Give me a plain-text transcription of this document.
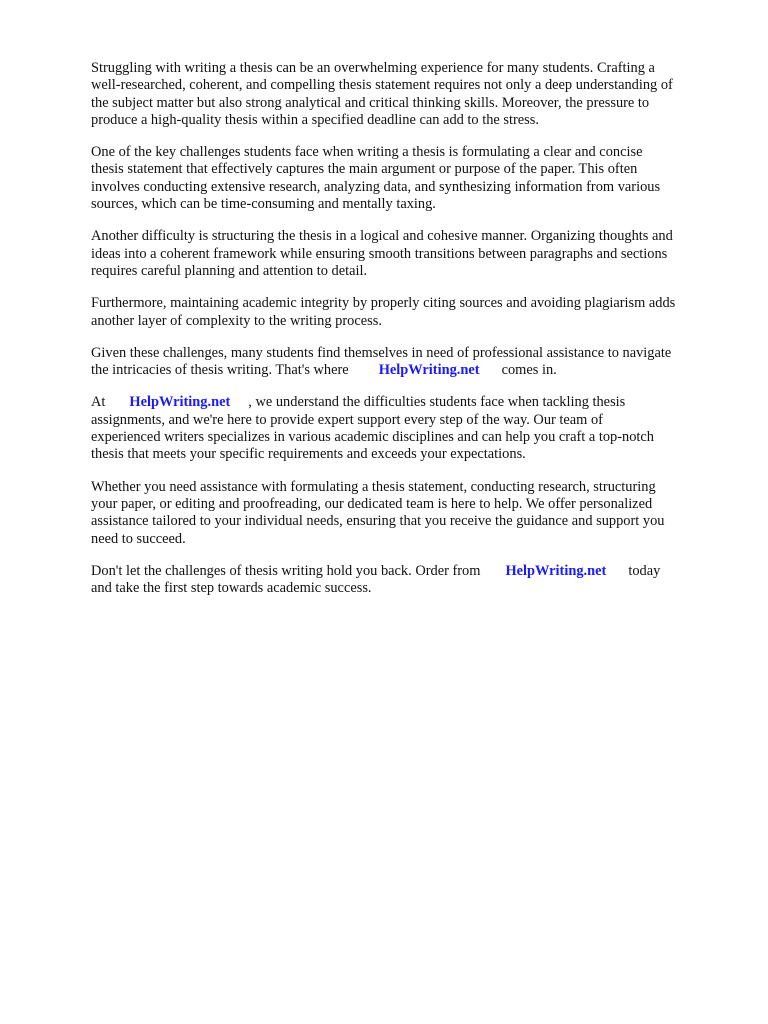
Struggling with writing a thesis can be an overwhelming experience for many students. Crafting a
well-researched, coherent, and compelling thesis statement requires not only a deep understanding of
the subject matter but also strong analytical and critical thinking skills. Moreover, the pressure to
produce a high-quality thesis within a specified deadline can add to the stress.

One of the key challenges students face when writing a thesis is formulating a clear and concise
thesis statement that effectively captures the main argument or purpose of the paper. This often
involves conducting extensive research, analyzing data, and synthesizing information from various
sources, which can be time-consuming and mentally taxing.

Another difficulty is structuring the thesis in a logical and cohesive manner. Organizing thoughts and
ideas into a coherent framework while ensuring smooth transitions between paragraphs and sections
requires careful planning and attention to detail.

Furthermore, maintaining academic integrity by properly citing sources and avoiding plagiarism adds
another layer of complexity to the writing process.

Given these challenges, many students find themselves in need of professional assistance to navigate
the intricacies of thesis writing. That's where HelpWriting.net comes in.

At HelpWriting.net , we understand the difficulties students face when tackling thesis
assignments, and we're here to provide expert support every step of the way. Our team of
experienced writers specializes in various academic disciplines and can help you craft a top-notch
thesis that meets your specific requirements and exceeds your expectations.

Whether you need assistance with formulating a thesis statement, conducting research, structuring
your paper, or editing and proofreading, our dedicated team is here to help. We offer personalized
assistance tailored to your individual needs, ensuring that you receive the guidance and support you
need to succeed.

Don't let the challenges of thesis writing hold you back. Order from HelpWriting.net today
and take the first step towards academic success.
